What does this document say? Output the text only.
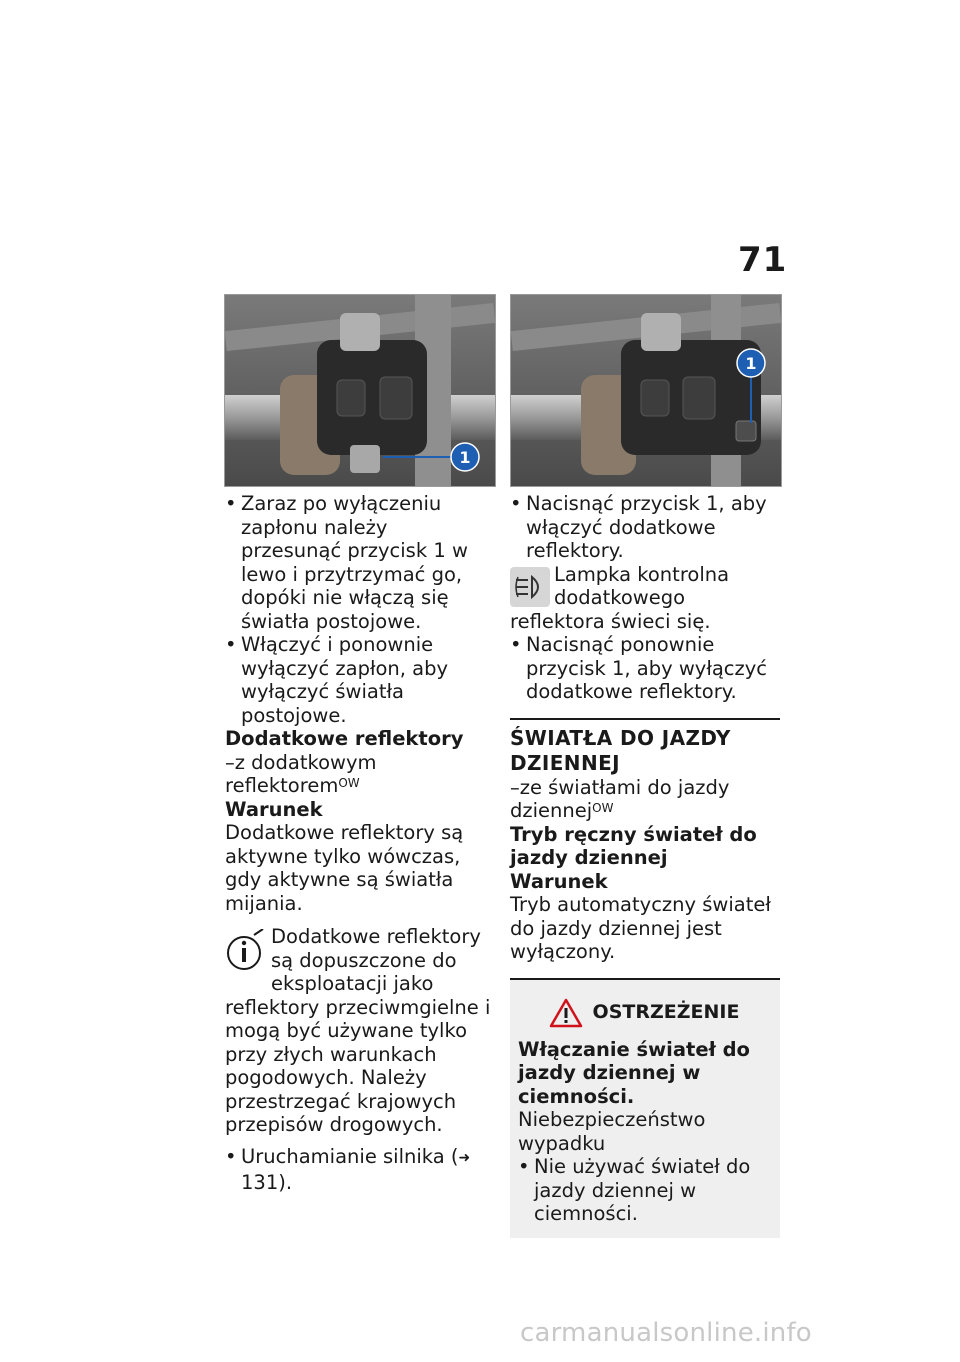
71
1
1

• Zaraz po wyłączeniu zapłonu należy przesunąć przycisk 1 w lewo i przytrzymać go, dopóki nie włączą się światła postojowe.

• Włączyć i ponownie wyłączyć zapłon, aby wyłączyć światła postojowe.

Dodatkowe reflektory

–z dodatkowym reflektorem$^{OW}$

Warunek

Dodatkowe reflektory są aktywne tylko wówczas, gdy aktywne są światła mijania.

Dodatkowe reflektory są dopuszczone do eksploatacji jako reflektory przeciwmgielne i mogą być używane tylko przy złych warunkach pogodowych. Należy przestrzegać krajowych przepisów drogowych.

• Uruchamianie silnika (➜ 131).

• Nacisnąć przycisk 1, aby włączyć dodatkowe reflektory.

Lampka kontrolna dodatkowego reflektora świeci się.

• Nacisnąć ponownie przycisk 1, aby wyłączyć dodatkowe reflektory.

ŚWIATŁA DO JAZDY DZIENNEJ

–ze światłami do jazdy dziennej$^{OW}$

Tryb ręczny świateł do jazdy dziennej

Warunek

Tryb automatyczny świateł do jazdy dziennej jest wyłączony.

OSTRZEŻENIE

Włączanie świateł do jazdy dziennej w ciemności.

Niebezpieczeństwo wypadku

• Nie używać świateł do jazdy dziennej w ciemności.

carmanualsonline.info
